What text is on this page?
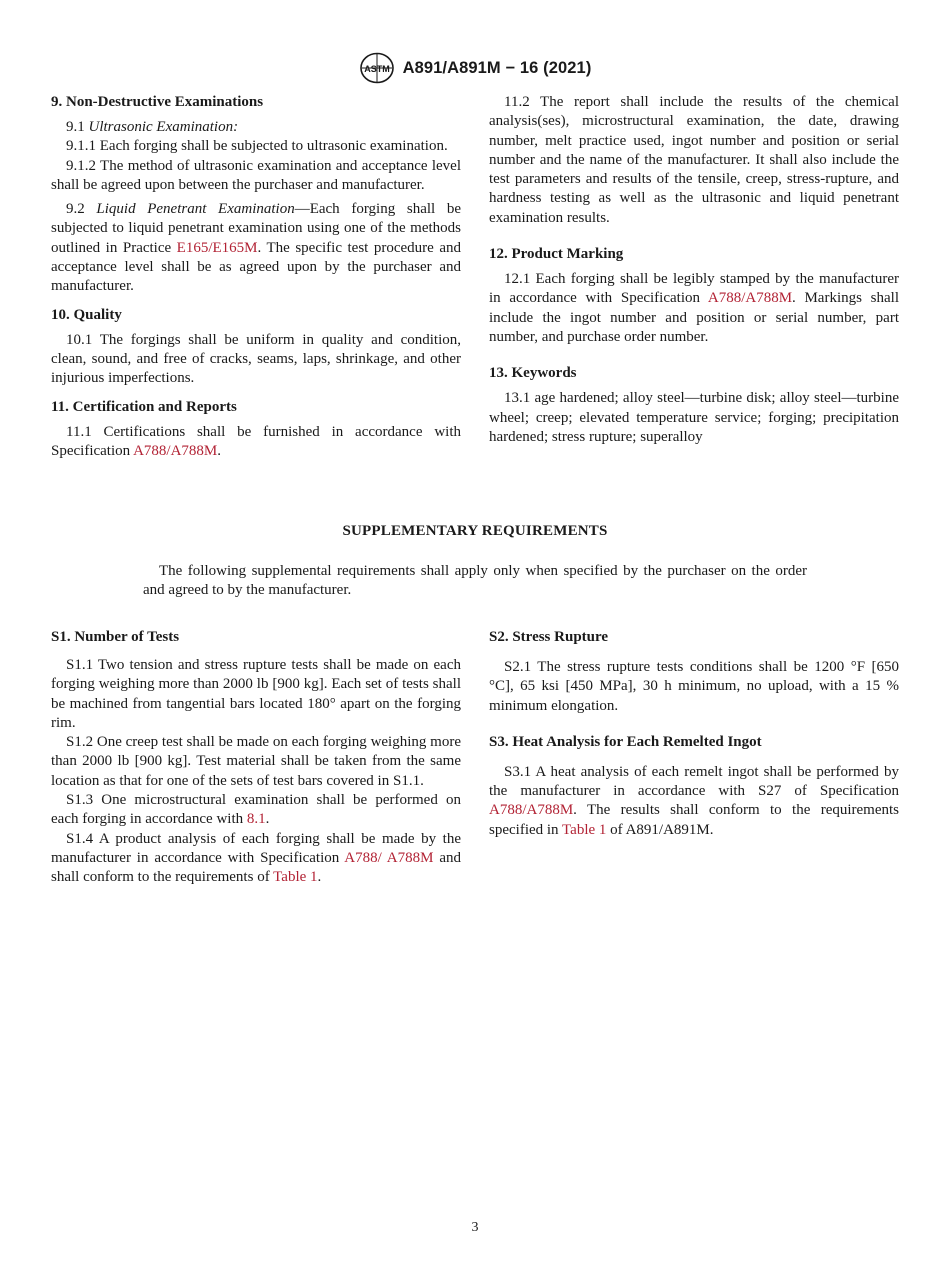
ASTM A891/A891M − 16 (2021)
9. Non-Destructive Examinations

9.1 Ultrasonic Examination:

9.1.1 Each forging shall be subjected to ultrasonic examination.

9.1.2 The method of ultrasonic examination and acceptance level shall be agreed upon between the purchaser and manufacturer.

9.2 Liquid Penetrant Examination—Each forging shall be subjected to liquid penetrant examination using one of the methods outlined in Practice E165/E165M. The specific test procedure and acceptance level shall be as agreed upon by the purchaser and manufacturer.

10. Quality

10.1 The forgings shall be uniform in quality and condition, clean, sound, and free of cracks, seams, laps, shrinkage, and other injurious imperfections.

11. Certification and Reports

11.1 Certifications shall be furnished in accordance with Specification A788/A788M.

11.2 The report shall include the results of the chemical analysis(ses), microstructural examination, the date, drawing number, melt practice used, ingot number and position or serial number and the name of the manufacturer. It shall also include the test parameters and results of the tensile, creep, stress-rupture, and hardness testing as well as the ultrasonic and liquid penetrant examination results.

12. Product Marking

12.1 Each forging shall be legibly stamped by the manufacturer in accordance with Specification A788/A788M. Markings shall include the ingot number and position or serial number, part number, and purchase order number.

13. Keywords

13.1 age hardened; alloy steel—turbine disk; alloy steel—turbine wheel; creep; elevated temperature service; forging; precipitation hardened; stress rupture; superalloy

SUPPLEMENTARY REQUIREMENTS

The following supplemental requirements shall apply only when specified by the purchaser on the order and agreed to by the manufacturer.

S1. Number of Tests

S1.1 Two tension and stress rupture tests shall be made on each forging weighing more than 2000 lb [900 kg]. Each set of tests shall be machined from tangential bars located 180° apart on the forging rim.

S1.2 One creep test shall be made on each forging weighing more than 2000 lb [900 kg]. Test material shall be taken from the same location as that for one of the sets of test bars covered in S1.1.

S1.3 One microstructural examination shall be performed on each forging in accordance with 8.1.

S1.4 A product analysis of each forging shall be made by the manufacturer in accordance with Specification A788/ A788M and shall conform to the requirements of Table 1.

S2. Stress Rupture

S2.1 The stress rupture tests conditions shall be 1200 °F [650 °C], 65 ksi [450 MPa], 30 h minimum, no upload, with a 15 % minimum elongation.

S3. Heat Analysis for Each Remelted Ingot

S3.1 A heat analysis of each remelt ingot shall be performed by the manufacturer in accordance with S27 of Specification A788/A788M. The results shall conform to the requirements specified in Table 1 of A891/A891M.

3
